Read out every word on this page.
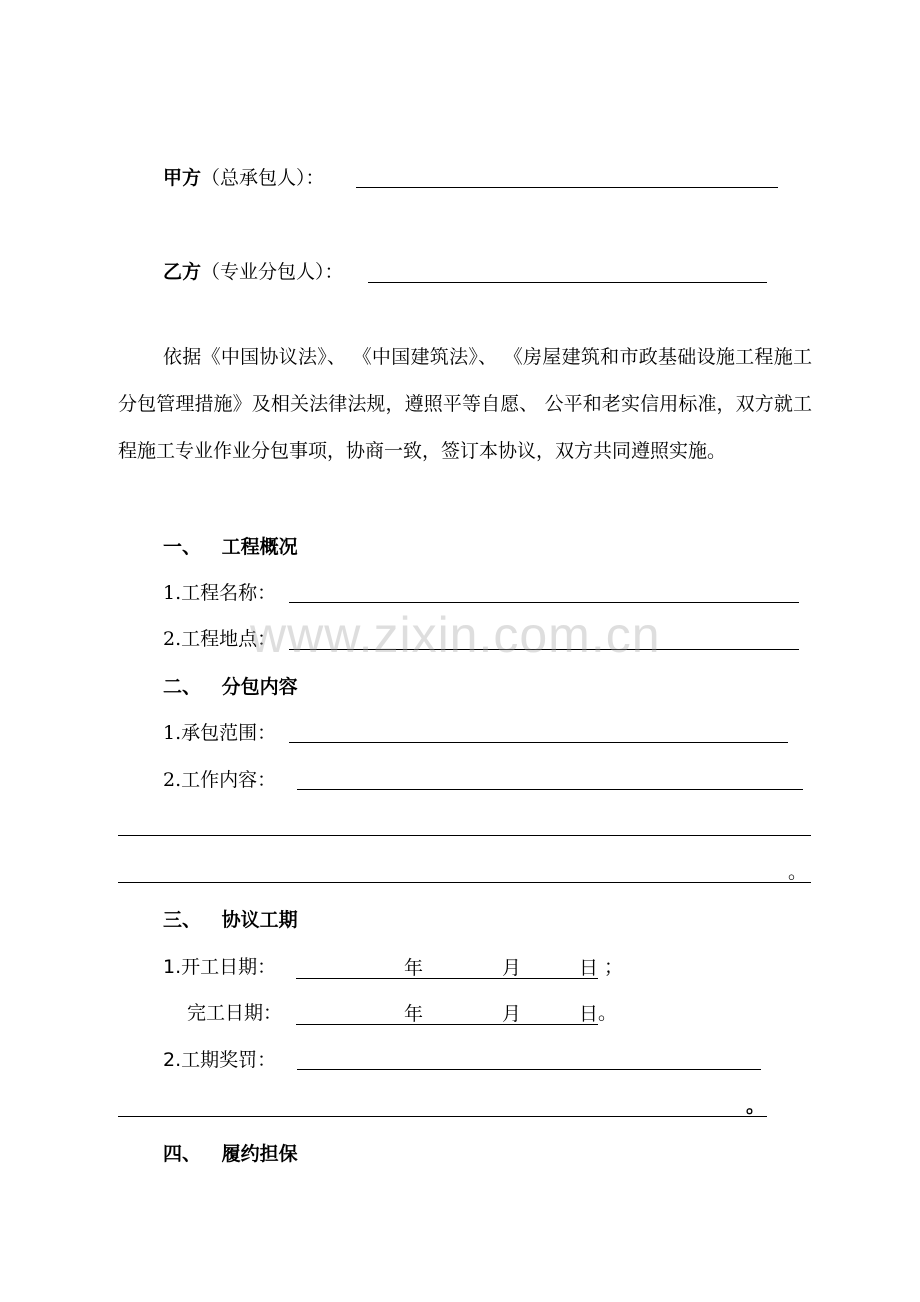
甲方（总承包人）：
乙方（专业分包人）：
依据《中国协议法》、 《中国建筑法》、 《房屋建筑和市政基础设施工程施工分包管理措施》及相关法律法规，遵照平等自愿、 公平和老实信用标准，双方就工程施工专业作业分包事项，协商一致，签订本协议，双方共同遵照实施。
一、 工程概况
1.工程名称：
2.工程地点：
二、 分包内容
1.承包范围：
2.工作内容：
。
三、 协议工期
1.开工日期：	年	月	日 ；
完工日期：	年	月	日 。
2.工期奖罚：
。
四、 履约担保
www.zixin.com.cn
